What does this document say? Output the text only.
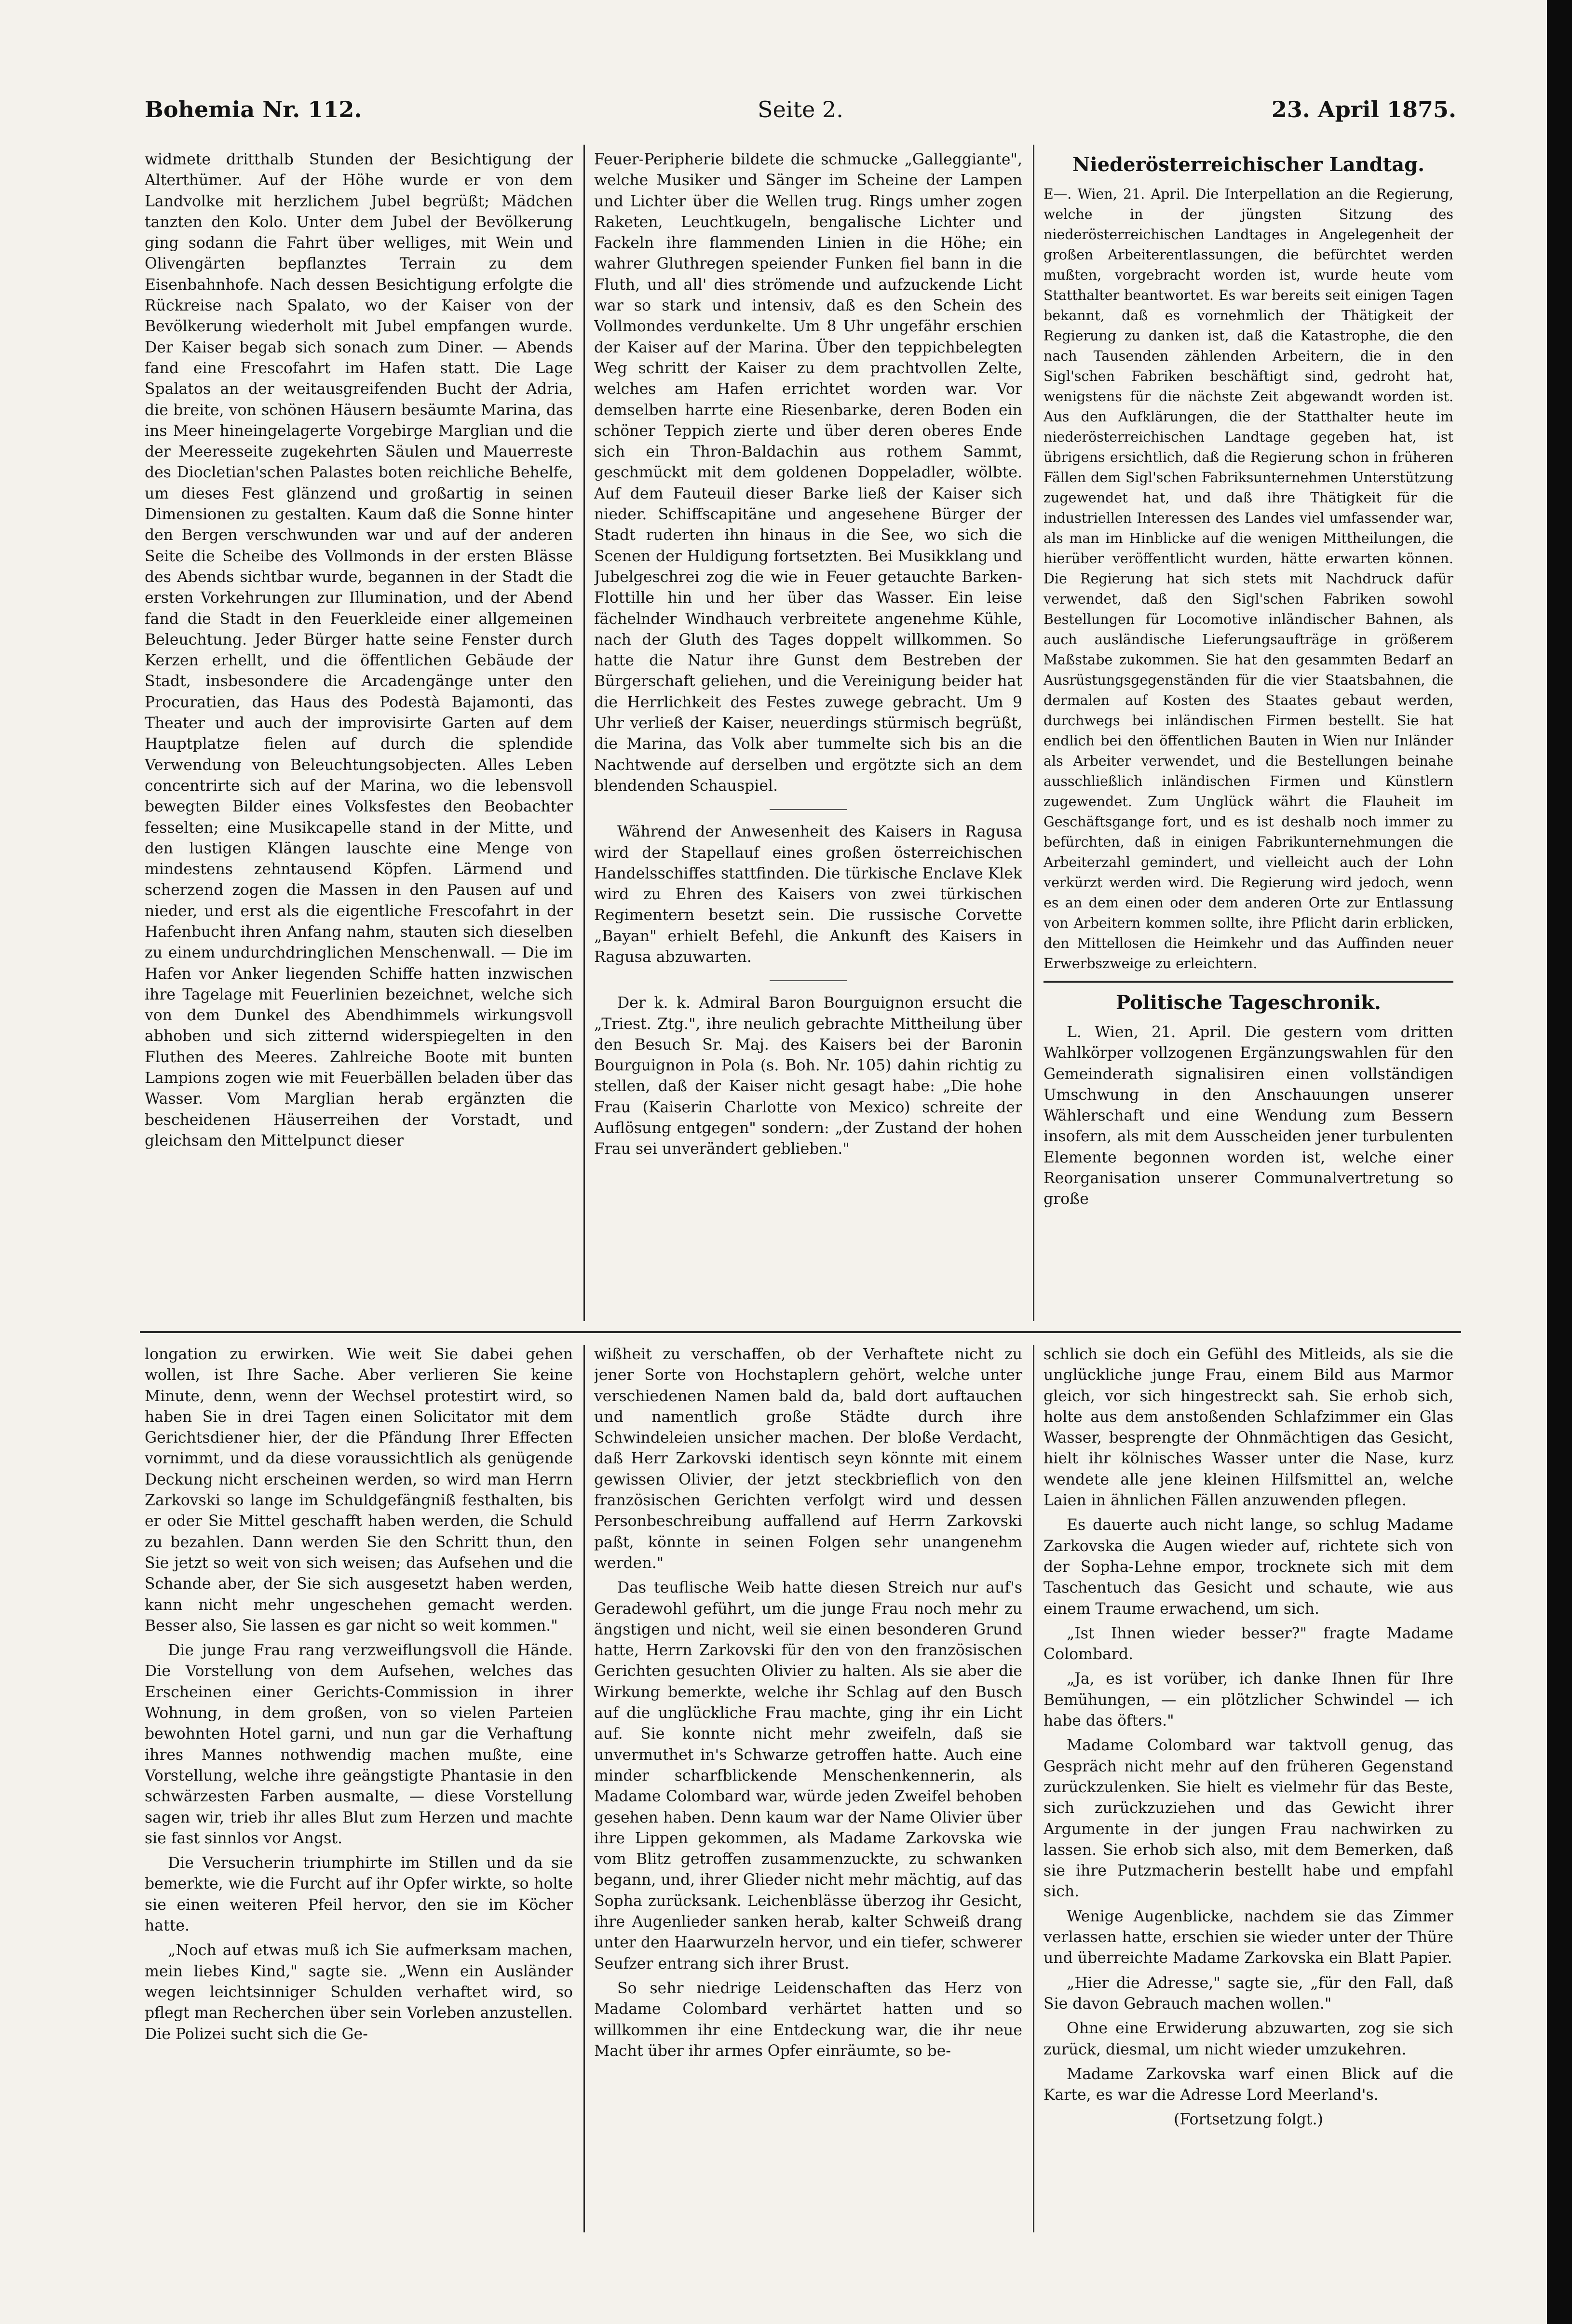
Bohemia Nr. 112.	Seite 2.	23. April 1875.

widmete dritthalb Stunden der Besichtigung der Alterthümer. Auf der Höhe wurde er von dem Landvolke mit herzlichem Jubel begrüßt; Mädchen tanzten den Kolo. Unter dem Jubel der Bevölkerung ging sodann die Fahrt über welliges, mit Wein und Olivengärten bepflanztes Terrain zu dem Eisenbahnhofe. Nach dessen Besichtigung erfolgte die Rückreise nach Spalato, wo der Kaiser von der Bevölkerung wiederholt mit Jubel empfangen wurde. Der Kaiser begab sich sonach zum Diner. — Abends fand eine Frescofahrt im Hafen statt. Die Lage Spalatos an der weitausgreifenden Bucht der Adria, die breite, von schönen Häusern besäumte Marina, das ins Meer hineingelagerte Vorgebirge Marglian und die der Meeresseite zugekehrten Säulen und Mauerreste des Diocletian'schen Palastes boten reichliche Behelfe, um dieses Fest glänzend und großartig in seinen Dimensionen zu gestalten. Kaum daß die Sonne hinter den Bergen verschwunden war und auf der anderen Seite die Scheibe des Vollmonds in der ersten Blässe des Abends sichtbar wurde, begannen in der Stadt die ersten Vorkehrungen zur Illumination, und der Abend fand die Stadt in den Feuerkleide einer allgemeinen Beleuchtung. Jeder Bürger hatte seine Fenster durch Kerzen erhellt, und die öffentlichen Gebäude der Stadt, insbesondere die Arcadengänge unter den Procuratien, das Haus des Podestà Bajamonti, das Theater und auch der improvisirte Garten auf dem Hauptplatze fielen auf durch die splendide Verwendung von Beleuchtungsobjecten. Alles Leben concentrirte sich auf der Marina, wo die lebensvoll bewegten Bilder eines Volksfestes den Beobachter fesselten; eine Musikcapelle stand in der Mitte, und den lustigen Klängen lauschte eine Menge von mindestens zehntausend Köpfen. Lärmend und scherzend zogen die Massen in den Pausen auf und nieder, und erst als die eigentliche Frescofahrt in der Hafenbucht ihren Anfang nahm, stauten sich dieselben zu einem undurchdringlichen Menschenwall. — Die im Hafen vor Anker liegenden Schiffe hatten inzwischen ihre Tagelage mit Feuerlinien bezeichnet, welche sich von dem Dunkel des Abendhimmels wirkungsvoll abhoben und sich zitternd widerspiegelten in den Fluthen des Meeres. Zahlreiche Boote mit bunten Lampions zogen wie mit Feuerbällen beladen über das Wasser. Vom Marglian herab ergänzten die bescheidenen Häuserreihen der Vorstadt, und gleichsam den Mittelpunct dieser

Feuer-Peripherie bildete die schmucke „Galleggiante", welche Musiker und Sänger im Scheine der Lampen und Lichter über die Wellen trug. Rings umher zogen Raketen, Leuchtkugeln, bengalische Lichter und Fackeln ihre flammenden Linien in die Höhe; ein wahrer Gluthregen speiender Funken fiel bann in die Fluth, und all' dies strömende und aufzuckende Licht war so stark und intensiv, daß es den Schein des Vollmondes verdunkelte. Um 8 Uhr ungefähr erschien der Kaiser auf der Marina. Über den teppichbelegten Weg schritt der Kaiser zu dem prachtvollen Zelte, welches am Hafen errichtet worden war. Vor demselben harrte eine Riesenbarke, deren Boden ein schöner Teppich zierte und über deren oberes Ende sich ein Thron-Baldachin aus rothem Sammt, geschmückt mit dem goldenen Doppeladler, wölbte. Auf dem Fauteuil dieser Barke ließ der Kaiser sich nieder. Schiffscapitäne und angesehene Bürger der Stadt ruderten ihn hinaus in die See, wo sich die Scenen der Huldigung fortsetzten. Bei Musikklang und Jubelgeschrei zog die wie in Feuer getauchte Barken-Flottille hin und her über das Wasser. Ein leise fächelnder Windhauch verbreitete angenehme Kühle, nach der Gluth des Tages doppelt willkommen. So hatte die Natur ihre Gunst dem Bestreben der Bürgerschaft geliehen, und die Vereinigung beider hat die Herrlichkeit des Festes zuwege gebracht. Um 9 Uhr verließ der Kaiser, neuerdings stürmisch begrüßt, die Marina, das Volk aber tummelte sich bis an die Nachtwende auf derselben und ergötzte sich an dem blendenden Schauspiel.

Während der Anwesenheit des Kaisers in Ragusa wird der Stapellauf eines großen österreichischen Handelsschiffes stattfinden. Die türkische Enclave Klek wird zu Ehren des Kaisers von zwei türkischen Regimentern besetzt sein. Die russische Corvette „Bayan" erhielt Befehl, die Ankunft des Kaisers in Ragusa abzuwarten.

Der k. k. Admiral Baron Bourguignon ersucht die „Triest. Ztg.", ihre neulich gebrachte Mittheilung über den Besuch Sr. Maj. des Kaisers bei der Baronin Bourguignon in Pola (s. Boh. Nr. 105) dahin richtig zu stellen, daß der Kaiser nicht gesagt habe: „Die hohe Frau (Kaiserin Charlotte von Mexico) schreite der Auflösung entgegen" sondern: „der Zustand der hohen Frau sei unverändert geblieben."

Niederösterreichischer Landtag.

E—. Wien, 21. April. Die Interpellation an die Regierung, welche in der jüngsten Sitzung des niederösterreichischen Landtages in Angelegenheit der großen Arbeiterentlassungen, die befürchtet werden mußten, vorgebracht worden ist, wurde heute vom Statthalter beantwortet. Es war bereits seit einigen Tagen bekannt, daß es vornehmlich der Thätigkeit der Regierung zu danken ist, daß die Katastrophe, die den nach Tausenden zählenden Arbeitern, die in den Sigl'schen Fabriken beschäftigt sind, gedroht hat, wenigstens für die nächste Zeit abgewandt worden ist. Aus den Aufklärungen, die der Statthalter heute im niederösterreichischen Landtage gegeben hat, ist übrigens ersichtlich, daß die Regierung schon in früheren Fällen dem Sigl'schen Fabriksunternehmen Unterstützung zugewendet hat, und daß ihre Thätigkeit für die industriellen Interessen des Landes viel umfassender war, als man im Hinblicke auf die wenigen Mittheilungen, die hierüber veröffentlicht wurden, hätte erwarten können. Die Regierung hat sich stets mit Nachdruck dafür verwendet, daß den Sigl'schen Fabriken sowohl Bestellungen für Locomotive inländischer Bahnen, als auch ausländische Lieferungsaufträge in größerem Maßstabe zukommen. Sie hat den gesammten Bedarf an Ausrüstungsgegenständen für die vier Staatsbahnen, die dermalen auf Kosten des Staates gebaut werden, durchwegs bei inländischen Firmen bestellt. Sie hat endlich bei den öffentlichen Bauten in Wien nur Inländer als Arbeiter verwendet, und die Bestellungen beinahe ausschließlich inländischen Firmen und Künstlern zugewendet. Zum Unglück währt die Flauheit im Geschäftsgange fort, und es ist deshalb noch immer zu befürchten, daß in einigen Fabrikunternehmungen die Arbeiterzahl gemindert, und vielleicht auch der Lohn verkürzt werden wird. Die Regierung wird jedoch, wenn es an dem einen oder dem anderen Orte zur Entlassung von Arbeitern kommen sollte, ihre Pflicht darin erblicken, den Mittellosen die Heimkehr und das Auffinden neuer Erwerbszweige zu erleichtern.

Politische Tageschronik.

L. Wien, 21. April. Die gestern vom dritten Wahlkörper vollzogenen Ergänzungswahlen für den Gemeinderath signalisiren einen vollständigen Umschwung in den Anschauungen unserer Wählerschaft und eine Wendung zum Bessern insofern, als mit dem Ausscheiden jener turbulenten Elemente begonnen worden ist, welche einer Reorganisation unserer Communalvertretung so große

longation zu erwirken. Wie weit Sie dabei gehen wollen, ist Ihre Sache. Aber verlieren Sie keine Minute, denn, wenn der Wechsel protestirt wird, so haben Sie in drei Tagen einen Solicitator mit dem Gerichtsdiener hier, der die Pfändung Ihrer Effecten vornimmt, und da diese voraussichtlich als genügende Deckung nicht erscheinen werden, so wird man Herrn Zarkovski so lange im Schuldgefängniß festhalten, bis er oder Sie Mittel geschafft haben werden, die Schuld zu bezahlen. Dann werden Sie den Schritt thun, den Sie jetzt so weit von sich weisen; das Aufsehen und die Schande aber, der Sie sich ausgesetzt haben werden, kann nicht mehr ungeschehen gemacht werden. Besser also, Sie lassen es gar nicht so weit kommen."

Die junge Frau rang verzweiflungsvoll die Hände. Die Vorstellung von dem Aufsehen, welches das Erscheinen einer Gerichts-Commission in ihrer Wohnung, in dem großen, von so vielen Parteien bewohnten Hotel garni, und nun gar die Verhaftung ihres Mannes nothwendig machen mußte, eine Vorstellung, welche ihre geängstigte Phantasie in den schwärzesten Farben ausmalte, — diese Vorstellung sagen wir, trieb ihr alles Blut zum Herzen und machte sie fast sinnlos vor Angst.

Die Versucherin triumphirte im Stillen und da sie bemerkte, wie die Furcht auf ihr Opfer wirkte, so holte sie einen weiteren Pfeil hervor, den sie im Köcher hatte.

„Noch auf etwas muß ich Sie aufmerksam machen, mein liebes Kind," sagte sie. „Wenn ein Ausländer wegen leichtsinniger Schulden verhaftet wird, so pflegt man Recherchen über sein Vorleben anzustellen. Die Polizei sucht sich die Ge-

wißheit zu verschaffen, ob der Verhaftete nicht zu jener Sorte von Hochstaplern gehört, welche unter verschiedenen Namen bald da, bald dort auftauchen und namentlich große Städte durch ihre Schwindeleien unsicher machen. Der bloße Verdacht, daß Herr Zarkovski identisch seyn könnte mit einem gewissen Olivier, der jetzt steckbrieflich von den französischen Gerichten verfolgt wird und dessen Personbeschreibung auffallend auf Herrn Zarkovski paßt, könnte in seinen Folgen sehr unangenehm werden."

Das teuflische Weib hatte diesen Streich nur auf's Geradewohl geführt, um die junge Frau noch mehr zu ängstigen und nicht, weil sie einen besonderen Grund hatte, Herrn Zarkovski für den von den französischen Gerichten gesuchten Olivier zu halten. Als sie aber die Wirkung bemerkte, welche ihr Schlag auf den Busch auf die unglückliche Frau machte, ging ihr ein Licht auf. Sie konnte nicht mehr zweifeln, daß sie unvermuthet in's Schwarze getroffen hatte. Auch eine minder scharfblickende Menschenkennerin, als Madame Colombard war, würde jeden Zweifel behoben gesehen haben. Denn kaum war der Name Olivier über ihre Lippen gekommen, als Madame Zarkovska wie vom Blitz getroffen zusammenzuckte, zu schwanken begann, und, ihrer Glieder nicht mehr mächtig, auf das Sopha zurücksank. Leichenblässe überzog ihr Gesicht, ihre Augenlieder sanken herab, kalter Schweiß drang unter den Haarwurzeln hervor, und ein tiefer, schwerer Seufzer entrang sich ihrer Brust.

So sehr niedrige Leidenschaften das Herz von Madame Colombard verhärtet hatten und so willkommen ihr eine Entdeckung war, die ihr neue Macht über ihr armes Opfer einräumte, so be-

schlich sie doch ein Gefühl des Mitleids, als sie die unglückliche junge Frau, einem Bild aus Marmor gleich, vor sich hingestreckt sah. Sie erhob sich, holte aus dem anstoßenden Schlafzimmer ein Glas Wasser, besprengte der Ohnmächtigen das Gesicht, hielt ihr kölnisches Wasser unter die Nase, kurz wendete alle jene kleinen Hilfsmittel an, welche Laien in ähnlichen Fällen anzuwenden pflegen.

Es dauerte auch nicht lange, so schlug Madame Zarkovska die Augen wieder auf, richtete sich von der Sopha-Lehne empor, trocknete sich mit dem Taschentuch das Gesicht und schaute, wie aus einem Traume erwachend, um sich.

„Ist Ihnen wieder besser?" fragte Madame Colombard.

„Ja, es ist vorüber, ich danke Ihnen für Ihre Bemühungen, — ein plötzlicher Schwindel — ich habe das öfters."

Madame Colombard war taktvoll genug, das Gespräch nicht mehr auf den früheren Gegenstand zurückzulenken. Sie hielt es vielmehr für das Beste, sich zurückzuziehen und das Gewicht ihrer Argumente in der jungen Frau nachwirken zu lassen. Sie erhob sich also, mit dem Bemerken, daß sie ihre Putzmacherin bestellt habe und empfahl sich.

Wenige Augenblicke, nachdem sie das Zimmer verlassen hatte, erschien sie wieder unter der Thüre und überreichte Madame Zarkovska ein Blatt Papier.

„Hier die Adresse," sagte sie, „für den Fall, daß Sie davon Gebrauch machen wollen."

Ohne eine Erwiderung abzuwarten, zog sie sich zurück, diesmal, um nicht wieder umzukehren.

Madame Zarkovska warf einen Blick auf die Karte, es war die Adresse Lord Meerland's.

(Fortsetzung folgt.)
